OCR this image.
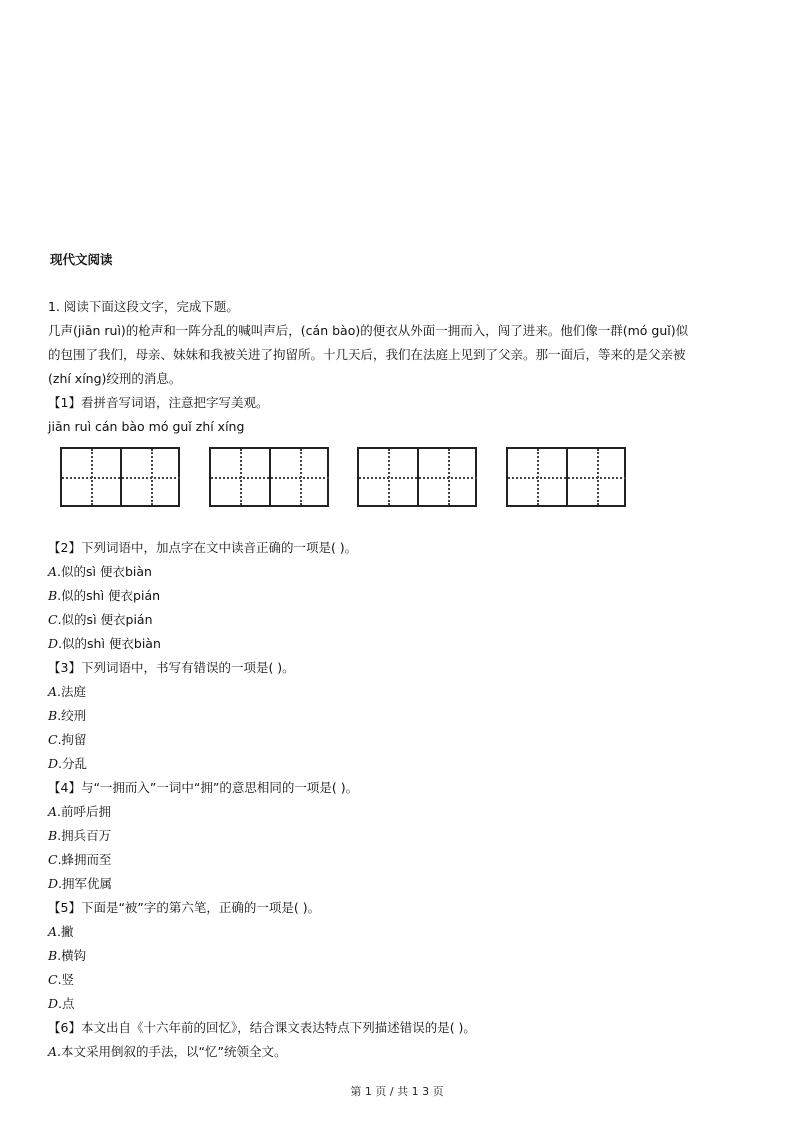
现代文阅读
1. 阅读下面这段文字，完成下题。
几声(jiān ruì)的枪声和一阵分乱的喊叫声后，(cán bào)的便衣从外面一拥而入，闯了进来。他们像一群(mó guǐ)似
的包围了我们，母亲、妹妹和我被关进了拘留所。十几天后，我们在法庭上见到了父亲。那一面后，等来的是父亲被
(zhí xíng)绞刑的消息。
【1】看拼音写词语，注意把字写美观。
jiān ruì cán bào mó guǐ zhí xíng
【2】下列词语中，加点字在文中读音正确的一项是( )。
A.似的sì 便衣biàn
B.似的shì 便衣pián
C.似的sì 便衣pián
D.似的shì 便衣biàn
【3】下列词语中，书写有错误的一项是( )。
A.法庭
B.绞刑
C.拘留
D.分乱
【4】与“一拥而入”一词中“拥”的意思相同的一项是( )。
A.前呼后拥
B.拥兵百万
C.蜂拥而至
D.拥军优属
【5】下面是“被”字的第六笔，正确的一项是( )。
A.撇
B.横钩
C.竖
D.点
【6】本文出自《十六年前的回忆》，结合课文表达特点下列描述错误的是( )。
A.本文采用倒叙的手法，以“忆”统领全文。
第 1 页 / 共 1 3 页
